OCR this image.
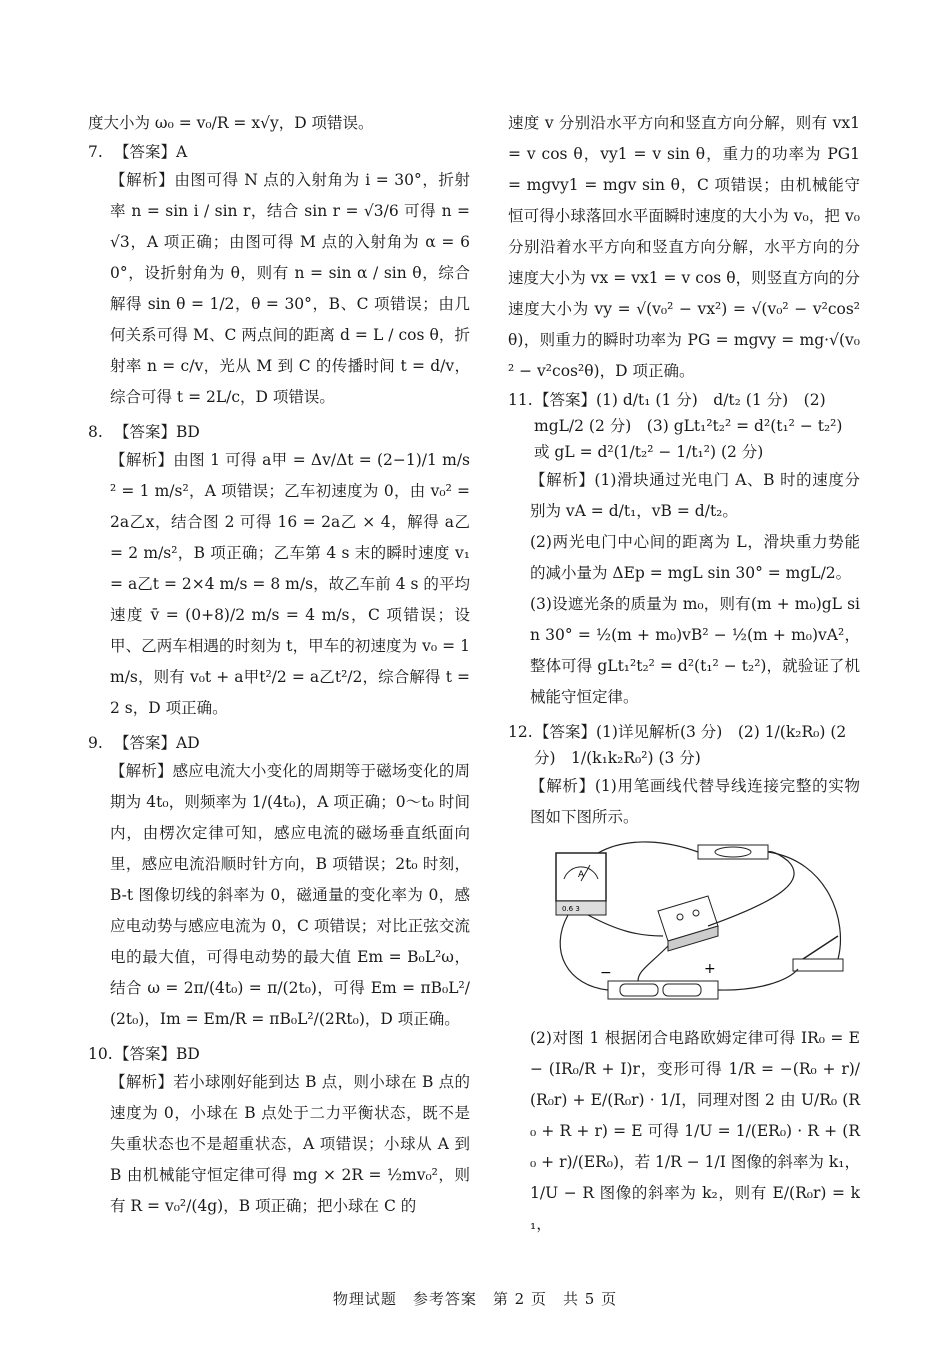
度大小为 ω₀ = v₀/R = x√y，D 项错误。
7. 【答案】A
【解析】由图可得 N 点的入射角为 i = 30°，折射率 n = sin i / sin r，结合 sin r = √3/6 可得 n = √3，A 项正确；由图可得 M 点的入射角为 α = 60°，设折射角为 θ，则有 n = sin α / sin θ，综合解得 sin θ = 1/2，θ = 30°，B、C 项错误；由几何关系可得 M、C 两点间的距离 d = L / cos θ，折射率 n = c/v，光从 M 到 C 的传播时间 t = d/v，综合可得 t = 2L/c，D 项错误。
8. 【答案】BD
【解析】由图 1 可得 a甲 = Δv/Δt = (2−1)/1 m/s² = 1 m/s²，A 项错误；乙车初速度为 0，由 v₀² = 2a乙x，结合图 2 可得 16 = 2a乙 × 4，解得 a乙 = 2 m/s²，B 项正确；乙车第 4 s 末的瞬时速度 v₁ = a乙t = 2×4 m/s = 8 m/s，故乙车前 4 s 的平均速度 v̄ = (0+8)/2 m/s = 4 m/s，C 项错误；设甲、乙两车相遇的时刻为 t，甲车的初速度为 v₀ = 1 m/s，则有 v₀t + a甲t²/2 = a乙t²/2，综合解得 t = 2 s，D 项正确。
9. 【答案】AD
【解析】感应电流大小变化的周期等于磁场变化的周期为 4t₀，则频率为 1/(4t₀)，A 项正确；0～t₀ 时间内，由楞次定律可知，感应电流的磁场垂直纸面向里，感应电流沿顺时针方向，B 项错误；2t₀ 时刻，B-t 图像切线的斜率为 0，磁通量的变化率为 0，感应电动势与感应电流为 0，C 项错误；对比正弦交流电的最大值，可得电动势的最大值 Em = B₀L²ω，结合 ω = 2π/(4t₀) = π/(2t₀)，可得 Em = πB₀L²/(2t₀)，Im = Em/R = πB₀L²/(2Rt₀)，D 项正确。
10. 【答案】BD
【解析】若小球刚好能到达 B 点，则小球在 B 点的速度为 0，小球在 B 点处于二力平衡状态，既不是失重状态也不是超重状态，A 项错误；小球从 A 到 B 由机械能守恒定律可得 mg × 2R = ½mv₀²，则有 R = v₀²/(4g)，B 项正确；把小球在 C 的
速度 v 分别沿水平方向和竖直方向分解，则有 vx1 = v cos θ，vy1 = v sin θ，重力的功率为 PG1 = mgvy1 = mgv sin θ，C 项错误；由机械能守恒可得小球落回水平面瞬时速度的大小为 v₀，把 v₀ 分别沿着水平方向和竖直方向分解，水平方向的分速度大小为 vx = vx1 = v cos θ，则竖直方向的分速度大小为 vy = √(v₀² − vx²) = √(v₀² − v²cos²θ)，则重力的瞬时功率为 PG = mgvy = mg·√(v₀² − v²cos²θ)，D 项正确。
11. 【答案】(1) d/t₁ (1 分)　d/t₂ (1 分)　(2) mgL/2 (2 分)　(3) gLt₁²t₂² = d²(t₁² − t₂²) 或 gL = d²(1/t₂² − 1/t₁²) (2 分)
【解析】(1)滑块通过光电门 A、B 时的速度分别为 vA = d/t₁，vB = d/t₂。
(2)两光电门中心间的距离为 L，滑块重力势能的减小量为 ΔEp = mgL sin 30° = mgL/2。
(3)设遮光条的质量为 m₀，则有(m + m₀)gL sin 30° = ½(m + m₀)vB² − ½(m + m₀)vA²，整体可得 gLt₁²t₂² = d²(t₁² − t₂²)，就验证了机械能守恒定律。
12. 【答案】(1)详见解析(3 分)　(2) 1/(k₂R₀) (2 分)　1/(k₁k₂R₀²) (3 分)
【解析】(1)用笔画线代替导线连接完整的实物图如下图所示。
A
0.6 3
−	+
(2)对图 1 根据闭合电路欧姆定律可得 IR₀ = E − (IR₀/R + I)r，变形可得 1/R = −(R₀ + r)/(R₀r) + E/(R₀r) · 1/I，同理对图 2 由 U/R₀ (R₀ + R + r) = E 可得 1/U = 1/(ER₀) · R + (R₀ + r)/(ER₀)，若 1/R − 1/I 图像的斜率为 k₁，1/U − R 图像的斜率为 k₂，则有 E/(R₀r) = k₁，
物理试题　参考答案　第 2 页　共 5 页
